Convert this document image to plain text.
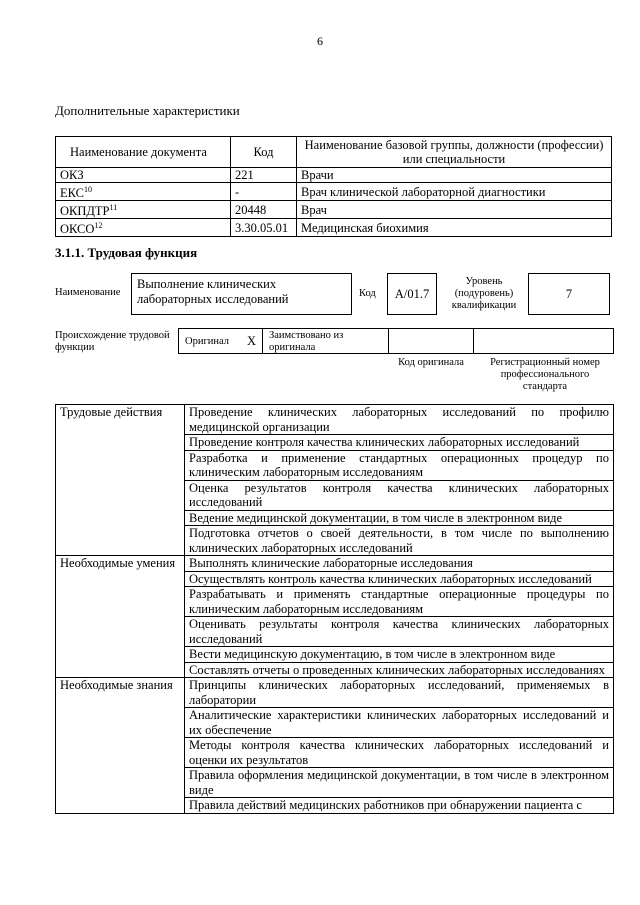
6
Дополнительные характеристики
Наименование документа	Код	Наименование базовой группы, должности (профессии) или специальности
ОКЗ	221	Врачи
ЕКС$^{10}$	-	Врач клинической лабораторной диагностики
ОКПДТР$^{11}$	20448	Врач
ОКСО$^{12}$	3.30.05.01	Медицинская биохимия
3.1.1. Трудовая функция
Наименование
Выполнение клинических лабораторных исследований	Код	A/01.7
Уровень (подуровень) квалификации
7
Происхождение трудовой функции
Оригинал X	Заимствовано из оригинала
Код оригинала	Регистрационный номер профессионального стандарта
Трудовые действия	Проведение клинических лабораторных исследований по профилю медицинской организации
	Проведение контроля качества клинических лабораторных исследований
	Разработка и применение стандартных операционных процедур по клиническим лабораторным исследованиям
	Оценка результатов контроля качества клинических лабораторных исследований
	Ведение медицинской документации, в том числе в электронном виде
	Подготовка отчетов о своей деятельности, в том числе по выполнению клинических лабораторных исследований
Необходимые умения	Выполнять клинические лабораторные исследования
	Осуществлять контроль качества клинических лабораторных исследований
	Разрабатывать и применять стандартные операционные процедуры по клиническим лабораторным исследованиям
	Оценивать результаты контроля качества клинических лабораторных исследований
	Вести медицинскую документацию, в том числе в электронном виде
	Составлять отчеты о проведенных клинических лабораторных исследованиях
Необходимые знания	Принципы клинических лабораторных исследований, применяемых в лаборатории
	Аналитические характеристики клинических лабораторных исследований и их обеспечение
	Методы контроля качества клинических лабораторных исследований и оценки их результатов
	Правила оформления медицинской документации, в том числе в электронном виде
	Правила действий медицинских работников при обнаружении пациента с
